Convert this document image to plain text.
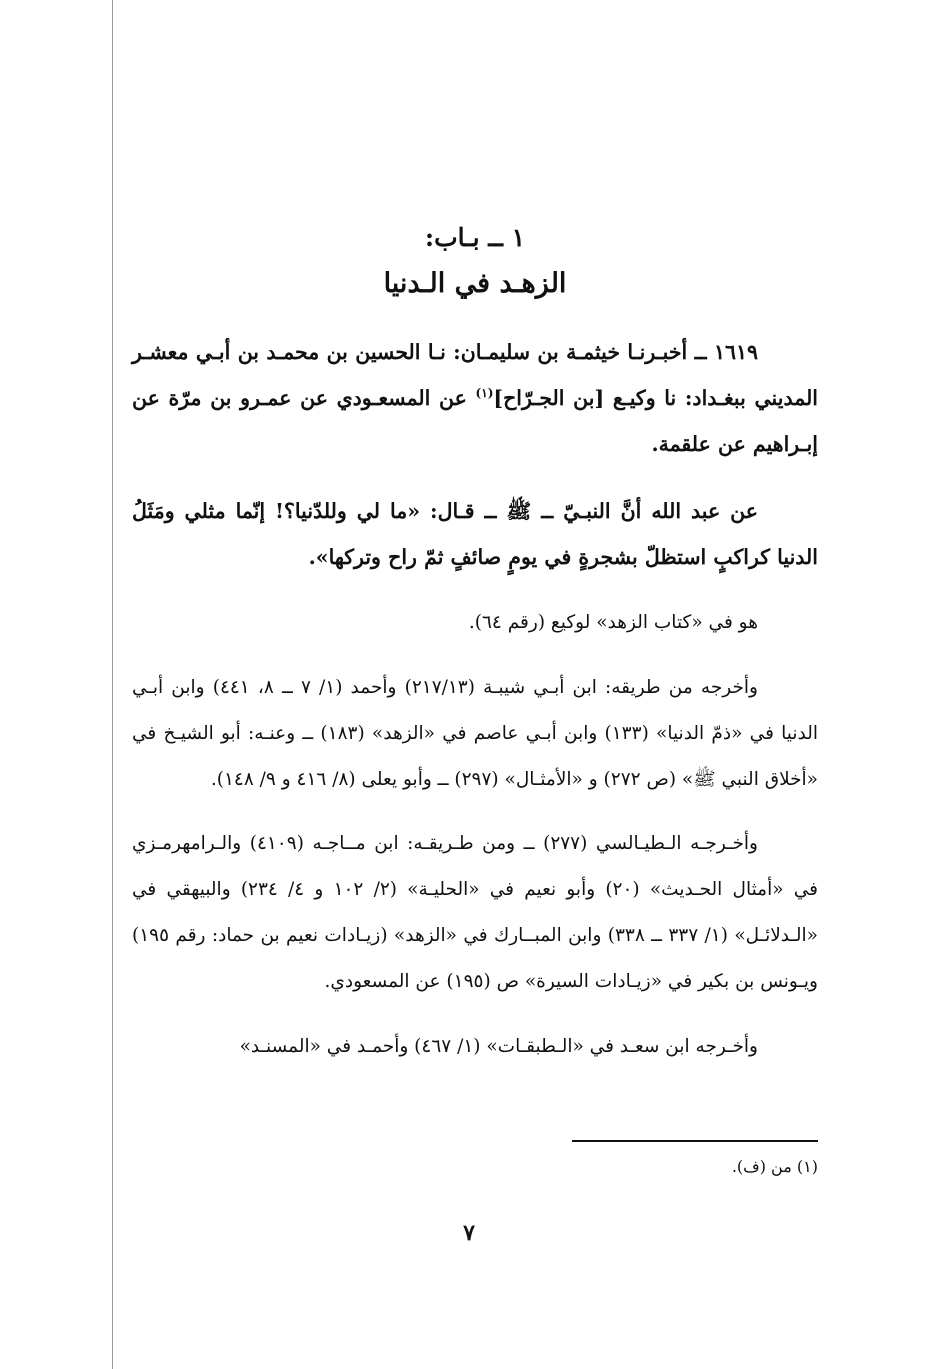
١ ــ بـاب:
الزهـد في الـدنيا

١٦١٩ ــ أخبـرنـا خيثمـة بن سليمـان: نـا الحسين بن محمـد بن أبـي معشـر المديني ببغـداد: نا وكيـع [بن الجـرّاح]$^{(١)}$ عن المسعـودي عن عمـرو بن مرّة عن إبـراهيم عن علقمة.

عن عبد الله أنَّ النبـيّ ــ ﷺ ــ قـال: «ما لي وللدّنيا؟! إنّما مثلي ومَثَلُ الدنيا كراكبٍ استظلّ بشجرةٍ في يومٍ صائفٍ ثمّ راح وتركها».

هو في «كتاب الزهد» لوكيع (رقم ٦٤).

وأخرجه من طريقه: ابن أبـي شيبـة (٢١٧/١٣) وأحمد (١/ ٧ ــ ٨، ٤٤١) وابن أبـي الدنيا في «ذمّ الدنيا» (١٣٣) وابن أبـي عاصم في «الزهد» (١٨٣) ــ وعنـه: أبو الشيـخ في «أخلاق النبي ﷺ» (ص ٢٧٢) و «الأمثـال» (٢٩٧) ــ وأبو يعلى (٨/ ٤١٦ و ٩/ ١٤٨).

وأخـرجـه الـطيـالسي (٢٧٧) ــ ومن طـريقـه: ابن مــاجـه (٤١٠٩) والـرامهرمـزي في «أمثال الحـديث» (٢٠) وأبو نعيم في «الحليـة» (٢/ ١٠٢ و ٤/ ٢٣٤) والبيهقي في «الـدلائـل» (١/ ٣٣٧ ــ ٣٣٨) وابن المبــارك في «الزهد» (زيـادات نعيم بن حماد: رقم ١٩٥) ويـونس بن بكير في «زيـادات السيرة» ص (١٩٥) عن المسعودي.

وأخـرجه ابن سعـد في «الـطبقـات» (١/ ٤٦٧) وأحمـد في «المسنـد»

(١) من (ف).
٧
